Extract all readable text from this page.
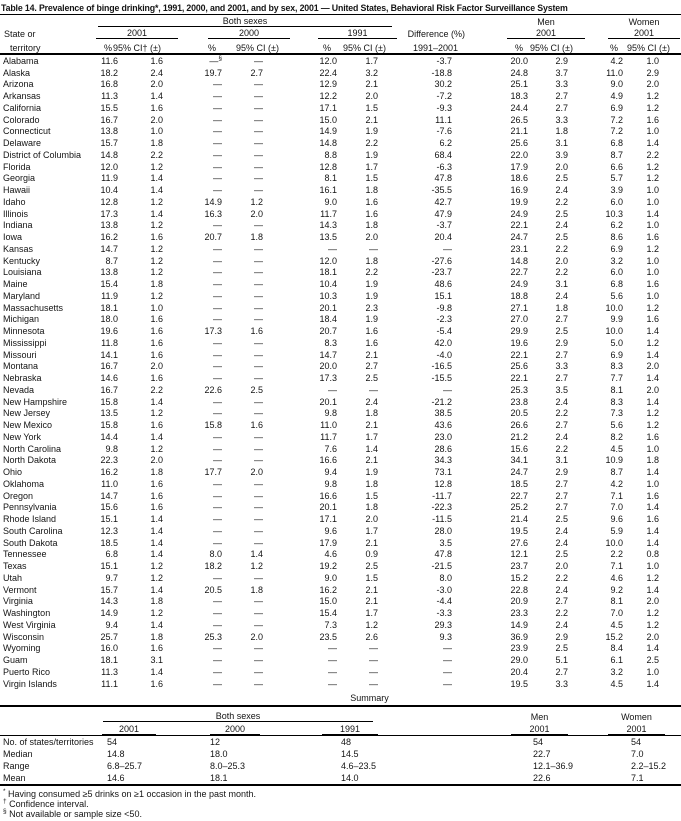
Table 14. Prevalence of binge drinking*, 1991, 2000, and 2001, and by sex, 2001 — United States, Behavioral Risk Factor Surveillance System

	Both sexes							Men		Women	

State or	2001		2000		1991		Difference (%)	2001		2001	

territory	%	95% CI† (±)	%	95% CI (±)	%	95% CI (±)	1991–2001	%	95% CI (±)	%	95% CI (±)
Alabama	11.6	1.6	—§	—	12.0	1.7	-3.7	20.0	2.9	4.2	1.0
Alaska	18.2	2.4	19.7	2.7	22.4	3.2	-18.8	24.8	3.7	11.0	2.9
Arizona	16.8	2.0	—	—	12.9	2.1	30.2	25.1	3.3	9.0	2.0
Arkansas	11.3	1.4	—	—	12.2	2.0	-7.2	18.3	2.7	4.9	1.2
California	15.5	1.6	—	—	17.1	1.5	-9.3	24.4	2.7	6.9	1.2
Colorado	16.7	2.0	—	—	15.0	2.1	11.1	26.5	3.3	7.2	1.6
Connecticut	13.8	1.0	—	—	14.9	1.9	-7.6	21.1	1.8	7.2	1.0
Delaware	15.7	1.8	—	—	14.8	2.2	6.2	25.6	3.1	6.8	1.4
District of Columbia	14.8	2.2	—	—	8.8	1.9	68.4	22.0	3.9	8.7	2.2
Florida	12.0	1.2	—	—	12.8	1.7	-6.3	17.9	2.0	6.6	1.2
Georgia	11.9	1.4	—	—	8.1	1.5	47.8	18.6	2.5	5.7	1.2
Hawaii	10.4	1.4	—	—	16.1	1.8	-35.5	16.9	2.4	3.9	1.0
Idaho	12.8	1.2	14.9	1.2	9.0	1.6	42.7	19.9	2.2	6.0	1.0
Illinois	17.3	1.4	16.3	2.0	11.7	1.6	47.9	24.9	2.5	10.3	1.4
Indiana	13.8	1.2	—	—	14.3	1.8	-3.7	22.1	2.4	6.2	1.0
Iowa	16.2	1.6	20.7	1.8	13.5	2.0	20.4	24.7	2.5	8.6	1.6
Kansas	14.7	1.2	—	—	—	—	—	23.1	2.2	6.9	1.2
Kentucky	8.7	1.2	—	—	12.0	1.8	-27.6	14.8	2.0	3.2	1.0
Louisiana	13.8	1.2	—	—	18.1	2.2	-23.7	22.7	2.2	6.0	1.0
Maine	15.4	1.8	—	—	10.4	1.9	48.6	24.9	3.1	6.8	1.6
Maryland	11.9	1.2	—	—	10.3	1.9	15.1	18.8	2.4	5.6	1.0
Massachusetts	18.1	1.0	—	—	20.1	2.3	-9.8	27.1	1.8	10.0	1.2
Michigan	18.0	1.6	—	—	18.4	1.9	-2.3	27.0	2.7	9.9	1.6
Minnesota	19.6	1.6	17.3	1.6	20.7	1.6	-5.4	29.9	2.5	10.0	1.4
Mississippi	11.8	1.6	—	—	8.3	1.6	42.0	19.6	2.9	5.0	1.2
Missouri	14.1	1.6	—	—	14.7	2.1	-4.0	22.1	2.7	6.9	1.4
Montana	16.7	2.0	—	—	20.0	2.7	-16.5	25.6	3.3	8.3	2.0
Nebraska	14.6	1.6	—	—	17.3	2.5	-15.5	22.1	2.7	7.7	1.4
Nevada	16.7	2.2	22.6	2.5	—	—	—	25.3	3.5	8.1	2.0
New Hampshire	15.8	1.4	—	—	20.1	2.4	-21.2	23.8	2.4	8.3	1.4
New Jersey	13.5	1.2	—	—	9.8	1.8	38.5	20.5	2.2	7.3	1.2
New Mexico	15.8	1.6	15.8	1.6	11.0	2.1	43.6	26.6	2.7	5.6	1.2
New York	14.4	1.4	—	—	11.7	1.7	23.0	21.2	2.4	8.2	1.6
North Carolina	9.8	1.2	—	—	7.6	1.4	28.6	15.6	2.2	4.5	1.0
North Dakota	22.3	2.0	—	—	16.6	2.1	34.3	34.1	3.1	10.9	1.8
Ohio	16.2	1.8	17.7	2.0	9.4	1.9	73.1	24.7	2.9	8.7	1.4
Oklahoma	11.0	1.6	—	—	9.8	1.8	12.8	18.5	2.7	4.2	1.0
Oregon	14.7	1.6	—	—	16.6	1.5	-11.7	22.7	2.7	7.1	1.6
Pennsylvania	15.6	1.6	—	—	20.1	1.8	-22.3	25.2	2.7	7.0	1.4
Rhode Island	15.1	1.4	—	—	17.1	2.0	-11.5	21.4	2.5	9.6	1.6
South Carolina	12.3	1.4	—	—	9.6	1.7	28.0	19.5	2.4	5.9	1.4
South Dakota	18.5	1.4	—	—	17.9	2.1	3.5	27.6	2.4	10.0	1.4
Tennessee	6.8	1.4	8.0	1.4	4.6	0.9	47.8	12.1	2.5	2.2	0.8
Texas	15.1	1.2	18.2	1.2	19.2	2.5	-21.5	23.7	2.0	7.1	1.0
Utah	9.7	1.2	—	—	9.0	1.5	8.0	15.2	2.2	4.6	1.2
Vermont	15.7	1.4	20.5	1.8	16.2	2.1	-3.0	22.8	2.4	9.2	1.4
Virginia	14.3	1.8	—	—	15.0	2.1	-4.4	20.9	2.7	8.1	2.0
Washington	14.9	1.2	—	—	15.4	1.7	-3.3	23.3	2.2	7.0	1.2
West Virginia	9.4	1.4	—	—	7.3	1.2	29.3	14.9	2.4	4.5	1.2
Wisconsin	25.7	1.8	25.3	2.0	23.5	2.6	9.3	36.9	2.9	15.2	2.0
Wyoming	16.0	1.6	—	—	—	—	—	23.9	2.5	8.4	1.4
Guam	18.1	3.1	—	—	—	—	—	29.0	5.1	6.1	2.5
Puerto Rico	11.3	1.4	—	—	—	—	—	20.4	2.7	3.2	1.0
Virgin Islands	11.1	1.6	—	—	—	—	—	19.5	3.3	4.5	1.4
Summary

	Both sexes			Men	Women

	2001	2000	1991	2001	2001

No. of states/territories	54	12	48	54	54
Median	14.8	18.0	14.5	22.7	7.0
Range	6.8–25.7	8.0–25.3	4.6–23.5	12.1–36.9	2.2–15.2
Mean	14.6	18.1	14.0	22.6	7.1
* Having consumed ≥5 drinks on ≥1 occasion in the past month.
† Confidence interval.
§ Not available or sample size <50.
